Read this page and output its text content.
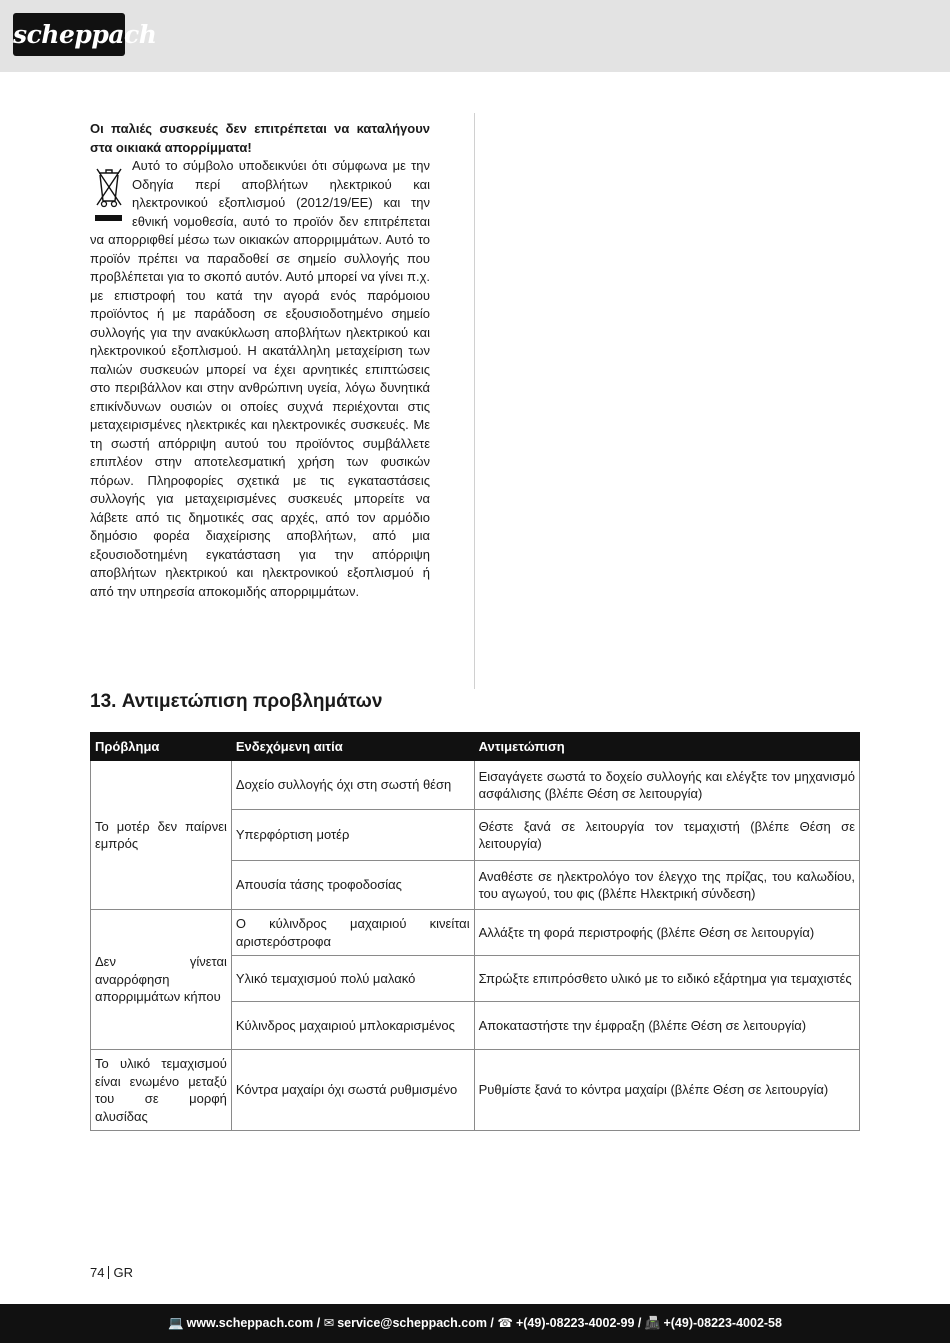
scheppach

Οι παλιές συσκευές δεν επιτρέπεται να καταλήγουν στα οικιακά απορρίμματα!

Αυτό το σύμβολο υποδεικνύει ότι σύμφωνα με την Οδηγία περί αποβλήτων ηλεκτρικού και ηλεκτρονικού εξοπλισμού (2012/19/ΕΕ) και την εθνική νομοθεσία, αυτό το προϊόν δεν επιτρέπεται να απορριφθεί μέσω των οικιακών απορριμμάτων. Αυτό το προϊόν πρέπει να παραδοθεί σε σημείο συλλογής που προβλέπεται για το σκοπό αυτόν. Αυτό μπορεί να γίνει π.χ. με επιστροφή του κατά την αγορά ενός παρόμοιου προϊόντος ή με παράδοση σε εξουσιοδοτημένο σημείο συλλογής για την ανακύκλωση αποβλήτων ηλεκτρικού και ηλεκτρονικού εξοπλισμού. Η ακατάλληλη μεταχείριση των παλιών συσκευών μπορεί να έχει αρνητικές επιπτώσεις στο περιβάλλον και στην ανθρώπινη υγεία, λόγω δυνητικά επικίνδυνων ουσιών οι οποίες συχνά περιέχονται στις μεταχειρισμένες ηλεκτρικές και ηλεκτρονικές συσκευές. Με τη σωστή απόρριψη αυτού του προϊόντος συμβάλλετε επιπλέον στην αποτελεσματική χρήση των φυσικών πόρων. Πληροφορίες σχετικά με τις εγκαταστάσεις συλλογής για μεταχειρισμένες συσκευές μπορείτε να λάβετε από τις δημοτικές σας αρχές, από τον αρμόδιο δημόσιο φορέα διαχείρισης αποβλήτων, από μια εξουσιοδοτημένη εγκατάσταση για την απόρριψη αποβλήτων ηλεκτρικού και ηλεκτρονικού εξοπλισμού ή από την υπηρεσία αποκομιδής απορριμμάτων.

13. Αντιμετώπιση προβλημάτων
Πρόβλημα	Ενδεχόμενη αιτία	Αντιμετώπιση
Το μοτέρ δεν παίρνει εμπρός	Δοχείο συλλογής όχι στη σωστή θέση	Εισαγάγετε σωστά το δοχείο συλλογής και ελέγξτε τον μηχανισμό ασφάλισης (βλέπε Θέση σε λειτουργία)
	Υπερφόρτιση μοτέρ	Θέστε ξανά σε λειτουργία τον τεμαχιστή (βλέπε Θέση σε λειτουργία)
	Απουσία τάσης τροφοδοσίας	Αναθέστε σε ηλεκτρολόγο τον έλεγχο της πρίζας, του καλωδίου, του αγωγού, του φις (βλέπε Ηλεκτρική σύνδεση)
Δεν γίνεται αναρρόφηση απορριμμάτων κήπου	Ο κύλινδρος μαχαιριού κινείται αριστερόστροφα	Αλλάξτε τη φορά περιστροφής (βλέπε Θέση σε λειτουργία)
	Υλικό τεμαχισμού πολύ μαλακό	Σπρώξτε επιπρόσθετο υλικό με το ειδικό εξάρτημα για τεμαχιστές
	Κύλινδρος μαχαιριού μπλοκαρισμένος	Αποκαταστήστε την έμφραξη (βλέπε Θέση σε λειτουργία)
Το υλικό τεμαχισμού είναι ενωμένο μεταξύ του σε μορφή αλυσίδας	Κόντρα μαχαίρι όχι σωστά ρυθμισμένο	Ρυθμίστε ξανά το κόντρα μαχαίρι (βλέπε Θέση σε λειτουργία)
74 GR
💻 www.scheppach.com / ✉ service@scheppach.com / ☎ +(49)-08223-4002-99 / 📠 +(49)-08223-4002-58
